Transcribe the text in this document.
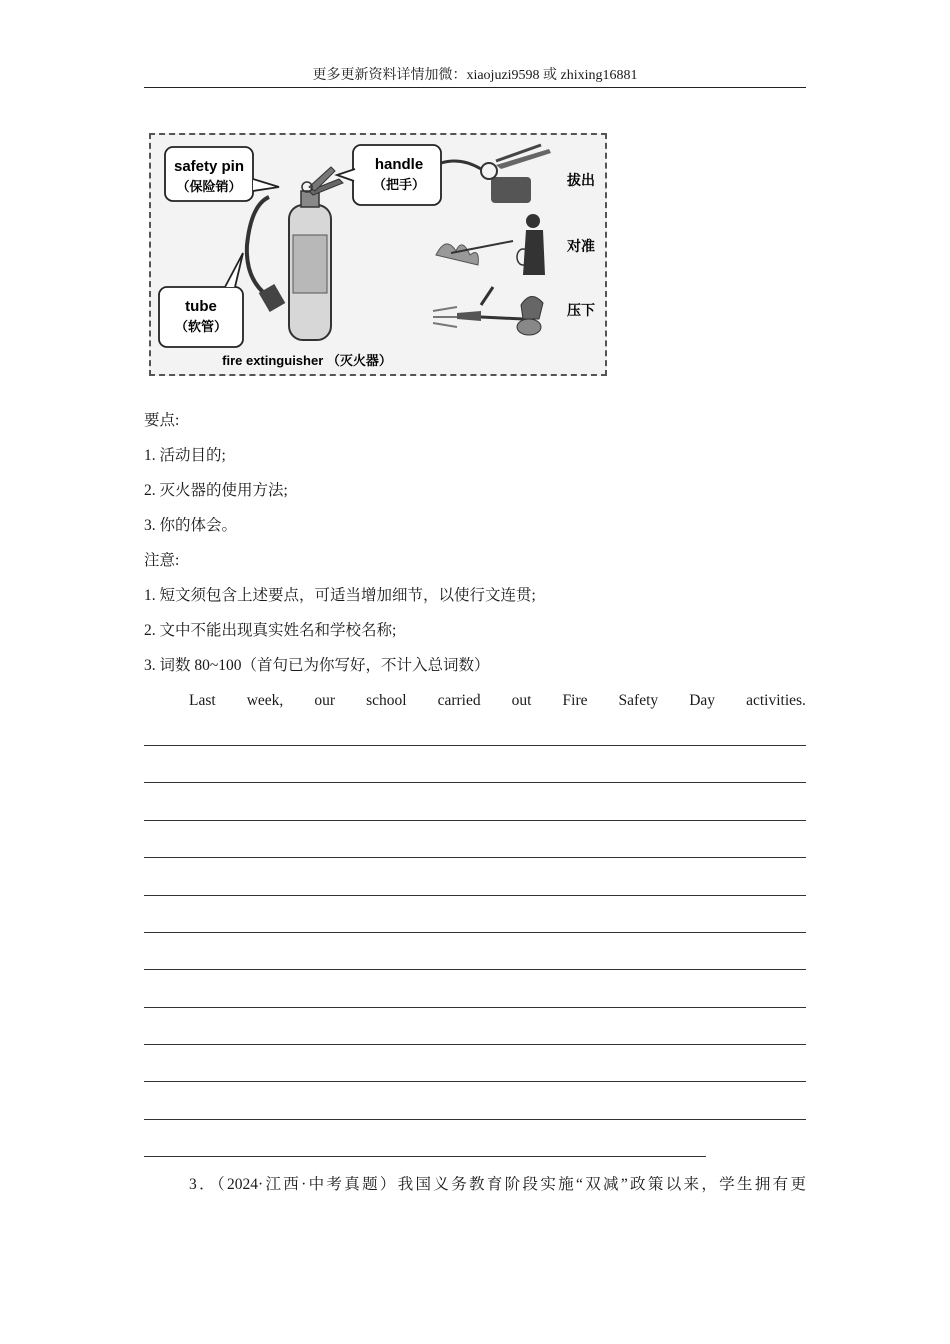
更多更新资料详情加微：xiaojuzi9598 或 zhixing16881
safety pin
（保险销）
handle
（把手）
tube
（软管）
fire extinguisher （灭火器）
拔出
对准
压下
要点:
1. 活动目的;
2. 灭火器的使用方法;
3. 你的体会。
注意:
1. 短文须包含上述要点，可适当增加细节，以使行文连贯;
2. 文中不能出现真实姓名和学校名称;
3. 词数 80~100（首句已为你写好，不计入总词数）
Last week, our school carried out Fire Safety Day activities.
3．（2024·江西·中考真题）我国义务教育阶段实施“双减”政策以来，学生拥有更
